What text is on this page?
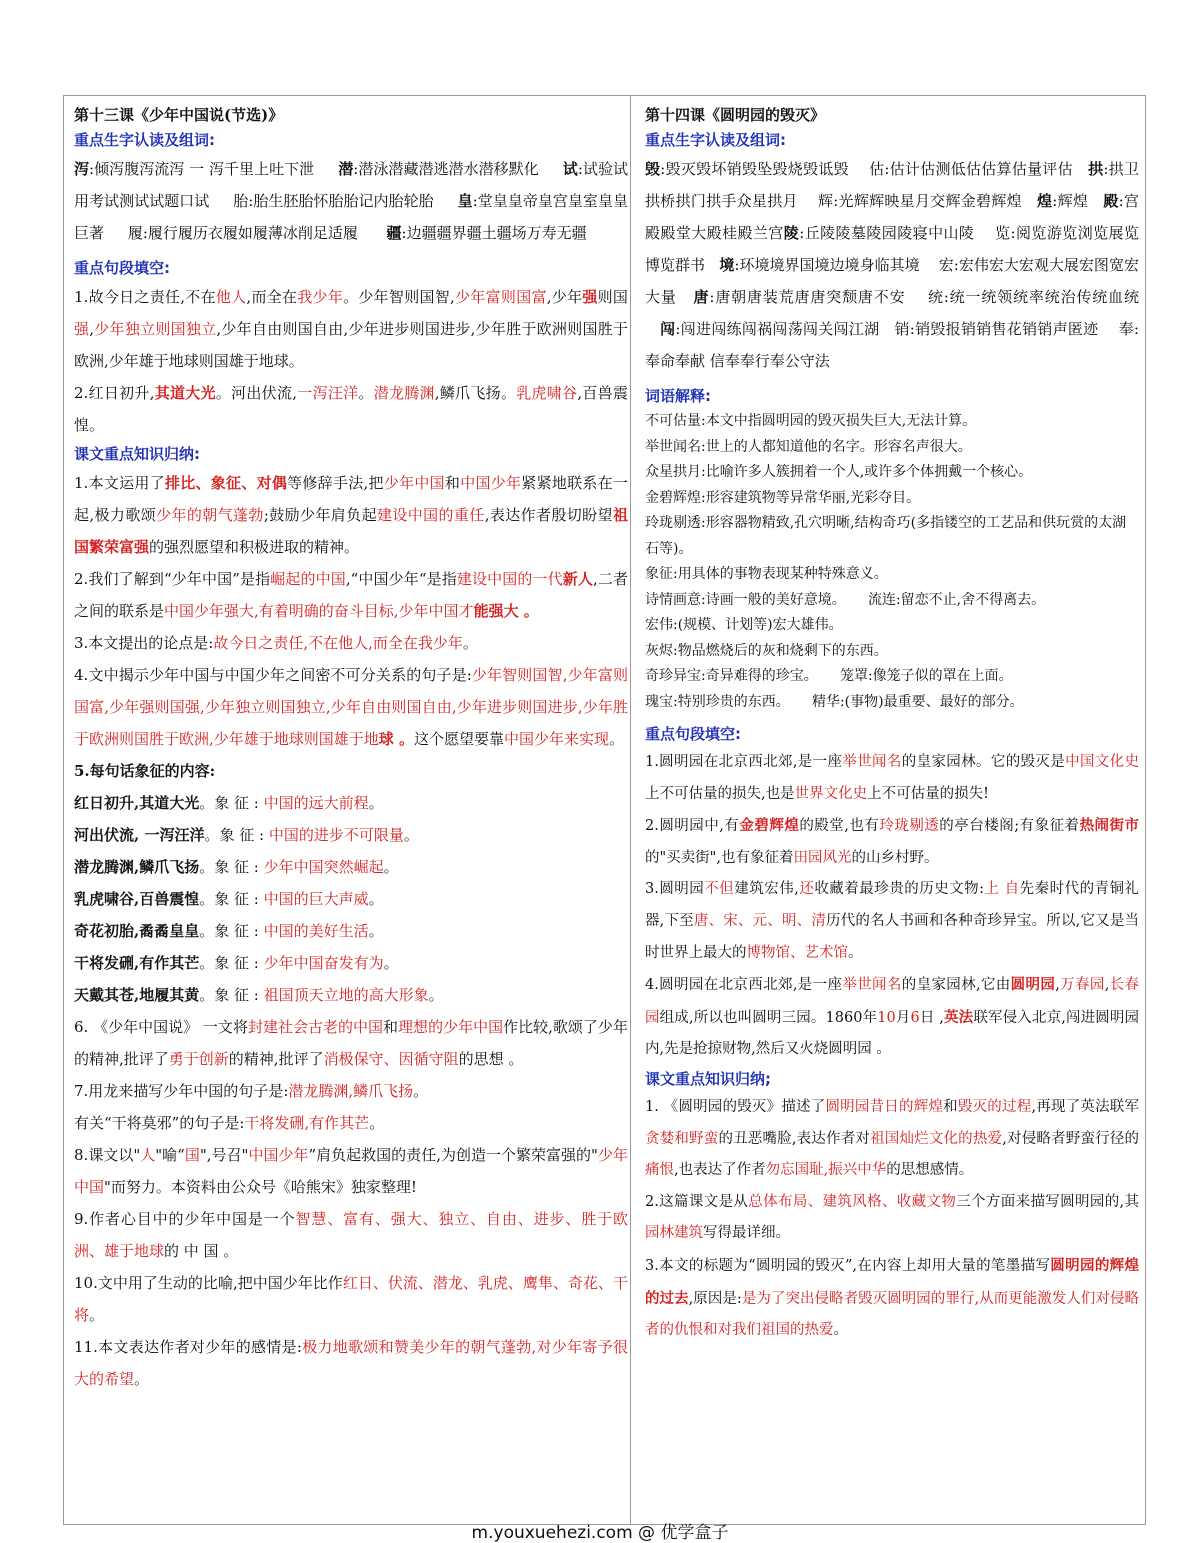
第十三课《少年中国说(节选)》

重点生字认读及组词:

泻:倾泻腹泻流泻 一 泻千里上吐下泄 潜:潜泳潜藏潜逃潜水潜移默化 试:试验试用考试测试试题口试 胎:胎生胚胎怀胎胎记内胎轮胎 皇:堂皇皇帝皇宫皇室皇皇巨著 履:履行履历衣履如履薄冰削足适履 疆:边疆疆界疆土疆场万寿无疆

重点句段填空:

1.故今日之责任,不在他人,而全在我少年。少年智则国智,少年富则国富,少年强则国强,少年独立则国独立,少年自由则国自由,少年进步则国进步,少年胜于欧洲则国胜于欧洲,少年雄于地球则国雄于地球。

2.红日初升,其道大光。河出伏流,一泻汪洋。潜龙腾渊,鳞爪飞扬。乳虎啸谷,百兽震惶。

课文重点知识归纳:

1.本文运用了排比、象征、对偶等修辞手法,把少年中国和中国少年紧紧地联系在一起,极力歌颂少年的朝气蓬勃;鼓励少年肩负起建设中国的重任,表达作者殷切盼望祖国繁荣富强的强烈愿望和积极进取的精神。

2.我们了解到“少年中国”是指崛起的中国,“中国少年“是指建设中国的一代新人,二者之间的联系是中国少年强大,有着明确的奋斗目标,少年中国才能强大 。

3.本文提出的论点是:故今日之责任,不在他人,而全在我少年。

4.文中揭示少年中国与中国少年之间密不可分关系的句子是:少年智则国智,少年富则国富,少年强则国强,少年独立则国独立,少年自由则国自由,少年进步则国进步,少年胜于欧洲则国胜于欧洲,少年雄于地球则国雄于地球 。这个愿望要靠中国少年来实现。

5.每句话象征的内容:

红日初升,其道大光。象 征 : 中国的远大前程。

河出伏流, 一泻汪洋。象 征 : 中国的进步不可限量。

潜龙腾渊,鳞爪飞扬。象 征 : 少年中国突然崛起。

乳虎啸谷,百兽震惶。象 征 : 中国的巨大声威。

奇花初胎,矞矞皇皇。象 征 : 中国的美好生活。

干将发硎,有作其芒。象 征 : 少年中国奋发有为。

天戴其苍,地履其黄。象 征 : 祖国顶天立地的高大形象。

6. 《少年中国说》 一文将封建社会古老的中国和理想的少年中国作比较,歌颂了少年的精神,批评了勇于创新的精神,批评了消极保守、因循守阻的思想 。

7.用龙来描写少年中国的句子是:潜龙腾渊,鳞爪飞扬。

有关“干将莫邪”的句子是:干将发硎,有作其芒。

8.课文以"人"喻“国",号召"中国少年”肩负起救国的责任,为创造一个繁荣富强的"少年中国"而努力。本资料由公众号《哈熊宋》独家整理!

9.作者心目中的少年中国是一个智慧、富有、强大、独立、自由、进步、胜于欧洲、雄于地球的 中 国 。

10.文中用了生动的比喻,把中国少年比作红日、伏流、潜龙、乳虎、鹰隼、奇花、干将。

11.本文表达作者对少年的感情是:极力地歌颂和赞美少年的朝气蓬勃,对少年寄予很大的希望。

第十四课《圆明园的毁灭》

重点生字认读及组词:

毁:毁灭毁坏销毁坠毁烧毁诋毁 估:估计估测低估估算估量评估 拱:拱卫拱桥拱门拱手众星拱月 辉:光辉辉映星月交辉金碧辉煌 煌:辉煌 殿:宫殿殿堂大殿桂殿兰宫陵:丘陵陵墓陵园陵寝中山陵 览:阅览游览浏览展览博览群书 境:环境境界国境边境身临其境 宏:宏伟宏大宏观大展宏图宽宏大量 唐:唐朝唐装荒唐唐突颓唐不安 统:统一统领统率统治传统血统   闯:闯进闯练闯祸闯荡闯关闯江湖 销:销毁报销销售花销销声匿迹 奉:奉命奉献 信奉奉行奉公守法

词语解释:

不可估量:本文中指圆明园的毁灭损失巨大,无法计算。

举世闻名:世上的人都知道他的名字。形容名声很大。

众星拱月:比喻许多人簇拥着一个人,或许多个体拥戴一个核心。

金碧辉煌:形容建筑物等异常华丽,光彩夺目。

玲珑剔透:形容器物精致,孔穴明晰,结构奇巧(多指镂空的工艺品和供玩赏的太湖石等)。

象征:用具体的事物表现某种特殊意义。

诗情画意:诗画一般的美好意境。     流连:留恋不止,舍不得离去。

宏伟:(规模、计划等)宏大雄伟。

灰烬:物品燃烧后的灰和烧剩下的东西。

奇珍异宝:奇异难得的珍宝。     笼罩:像笼子似的罩在上面。

瑰宝:特别珍贵的东西。     精华:(事物)最重要、最好的部分。

重点句段填空:

1.圆明园在北京西北郊,是一座举世闻名的皇家园林。它的毁灭是中国文化史上不可估量的损失,也是世界文化史上不可估量的损失!

2.圆明园中,有金碧辉煌的殿堂,也有玲珑剔透的亭台楼阁;有象征着热闹街市的"买卖街",也有象征着田园风光的山乡村野。

3.圆明园不但建筑宏伟,还收藏着最珍贵的历史文物:上 自先秦时代的青铜礼器,下至唐、宋、元、明、清历代的名人书画和各种奇珍异宝。所以,它又是当时世界上最大的博物馆、艺术馆。

4.圆明园在北京西北郊,是一座举世闻名的皇家园林,它由圆明园,万春园,长春园组成,所以也叫圆明三园。1860年10月6日 ,英法联军侵入北京,闯进圆明园内,先是抢掠财物,然后又火烧圆明园 。

课文重点知识归纳;

1. 《圆明园的毁灭》描述了圆明园昔日的辉煌和毁灭的过程,再现了英法联军贪婪和野蛮的丑恶嘴脸,表达作者对祖国灿烂文化的热爱,对侵略者野蛮行径的痛恨,也表达了作者勿忘国耻,振兴中华的思想感情。

2.这篇课文是从总体布局、建筑风格、收藏文物三个方面来描写圆明园的,其园林建筑写得最详细。

3.本文的标题为“圆明园的毁灭”,在内容上却用大量的笔墨描写圆明园的辉煌的过去,原因是:是为了突出侵略者毁灭圆明园的罪行,从而更能激发人们对侵略者的仇恨和对我们祖国的热爱。

m.youxuehezi.com @ 优学盒子
